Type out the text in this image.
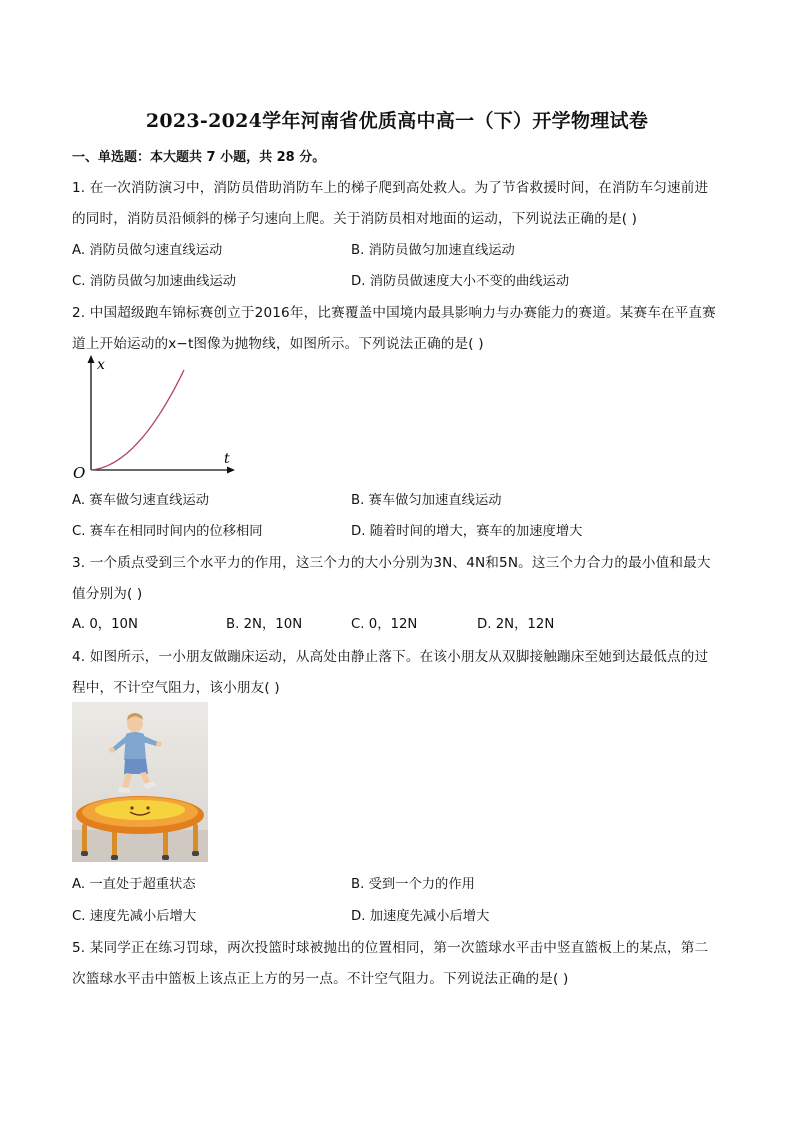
2023-2024学年河南省优质高中高一（下）开学物理试卷
一、单选题：本大题共 7 小题，共 28 分。
1. 在一次消防演习中，消防员借助消防车上的梯子爬到高处救人。为了节省救援时间，在消防车匀速前进
的同时，消防员沿倾斜的梯子匀速向上爬。关于消防员相对地面的运动，下列说法正确的是( )
A. 消防员做匀速直线运动	B. 消防员做匀加速直线运动
C. 消防员做匀加速曲线运动	D. 消防员做速度大小不变的曲线运动
2. 中国超级跑车锦标赛创立于2016年，比赛覆盖中国境内最具影响力与办赛能力的赛道。某赛车在平直赛
道上开始运动的x−t图像为抛物线，如图所示。下列说法正确的是( )
x
t
O
A. 赛车做匀速直线运动	B. 赛车做匀加速直线运动
C. 赛车在相同时间内的位移相同	D. 随着时间的增大，赛车的加速度增大
3. 一个质点受到三个水平力的作用，这三个力的大小分别为3N、4N和5N。这三个力合力的最小值和最大
值分别为( )
A. 0，10N	B. 2N，10N	C. 0，12N	D. 2N，12N
4. 如图所示，一小朋友做蹦床运动，从高处由静止落下。在该小朋友从双脚接触蹦床至她到达最低点的过
程中，不计空气阻力，该小朋友( )
A. 一直处于超重状态	B. 受到一个力的作用
C. 速度先减小后增大	D. 加速度先减小后增大
5. 某同学正在练习罚球，两次投篮时球被抛出的位置相同，第一次篮球水平击中竖直篮板上的某点，第二
次篮球水平击中篮板上该点正上方的另一点。不计空气阻力。下列说法正确的是( )
